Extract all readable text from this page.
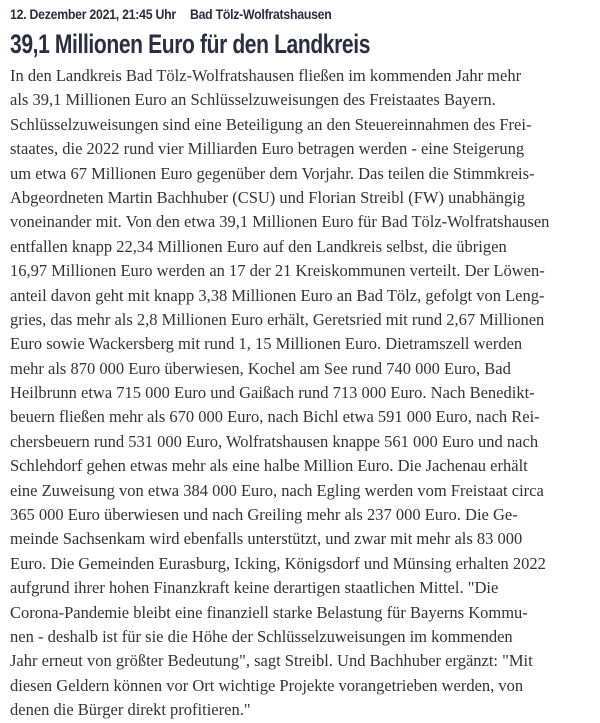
12. Dezember 2021, 21:45 Uhr Bad Tölz-Wolfratshausen
39,1 Millionen Euro für den Landkreis
In den Landkreis Bad Tölz-Wolfratshausen fließen im kommenden Jahr mehr
als 39,1 Millionen Euro an Schlüsselzuweisungen des Freistaates Bayern.
Schlüsselzuweisungen sind eine Beteiligung an den Steuereinnahmen des Frei-
staates, die 2022 rund vier Milliarden Euro betragen werden - eine Steigerung
um etwa 67 Millionen Euro gegenüber dem Vorjahr. Das teilen die Stimmkreis-
Abgeordneten Martin Bachhuber (CSU) und Florian Streibl (FW) unabhängig
voneinander mit. Von den etwa 39,1 Millionen Euro für Bad Tölz-Wolfratshausen
entfallen knapp 22,34 Millionen Euro auf den Landkreis selbst, die übrigen
16,97 Millionen Euro werden an 17 der 21 Kreiskommunen verteilt. Der Löwen-
anteil davon geht mit knapp 3,38 Millionen Euro an Bad Tölz, gefolgt von Leng-
gries, das mehr als 2,8 Millionen Euro erhält, Geretsried mit rund 2,67 Millionen
Euro sowie Wackersberg mit rund 1, 15 Millionen Euro. Dietramszell werden
mehr als 870 000 Euro überwiesen, Kochel am See rund 740 000 Euro, Bad
Heilbrunn etwa 715 000 Euro und Gaißach rund 713 000 Euro. Nach Benedikt-
beuern fließen mehr als 670 000 Euro, nach Bichl etwa 591 000 Euro, nach Rei-
chersbeuern rund 531 000 Euro, Wolfratshausen knappe 561 000 Euro und nach
Schlehdorf gehen etwas mehr als eine halbe Million Euro. Die Jachenau erhält
eine Zuweisung von etwa 384 000 Euro, nach Egling werden vom Freistaat circa
365 000 Euro überwiesen und nach Greiling mehr als 237 000 Euro. Die Ge-
meinde Sachsenkam wird ebenfalls unterstützt, und zwar mit mehr als 83 000
Euro. Die Gemeinden Eurasburg, Icking, Königsdorf und Münsing erhalten 2022
aufgrund ihrer hohen Finanzkraft keine derartigen staatlichen Mittel. "Die
Corona-Pandemie bleibt eine finanziell starke Belastung für Bayerns Kommu-
nen - deshalb ist für sie die Höhe der Schlüsselzuweisungen im kommenden
Jahr erneut von größter Bedeutung", sagt Streibl. Und Bachhuber ergänzt: "Mit
diesen Geldern können vor Ort wichtige Projekte vorangetrieben werden, von
denen die Bürger direkt profitieren."
